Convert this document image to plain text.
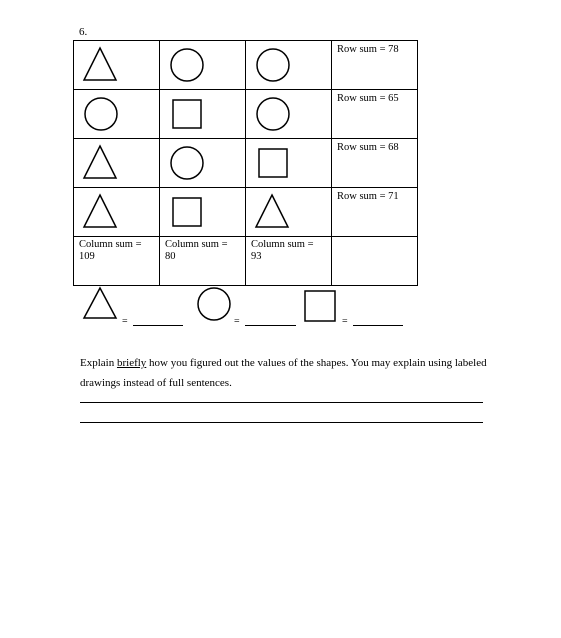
6.

Row sum = 78

Row sum = 65

Row sum = 68

Row sum = 71

Column sum = 109	Column sum = 80	Column sum = 93	

=	=	=
Explain briefly how you figured out the values of the shapes. You may explain using labeled drawings instead of full sentences.
